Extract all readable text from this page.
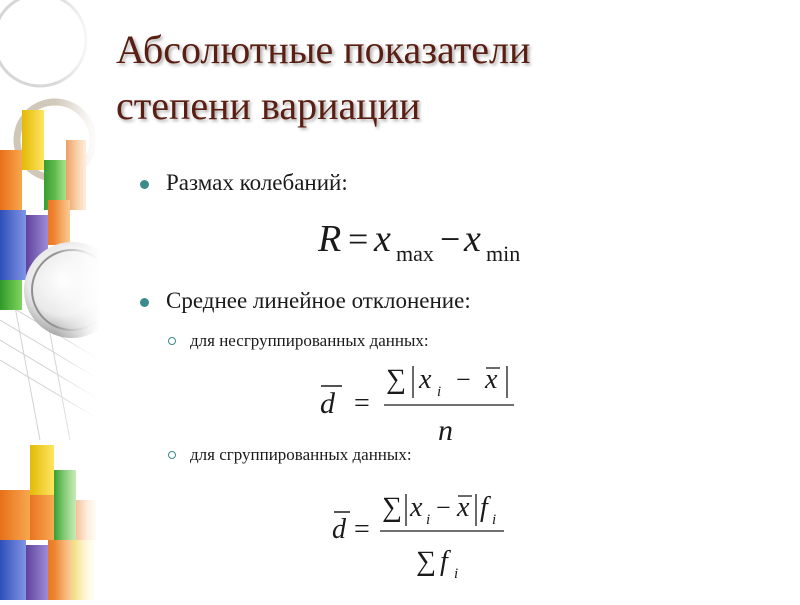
Абсолютные показатели
степени вариации
Размах колебаний:
R = x max − x min
Среднее линейное отклонение:
для несгруппированных данных:
d =
∑ x i − x
n
для сгруппированных данных:
d =
∑ x i − x f i
∑ f i
